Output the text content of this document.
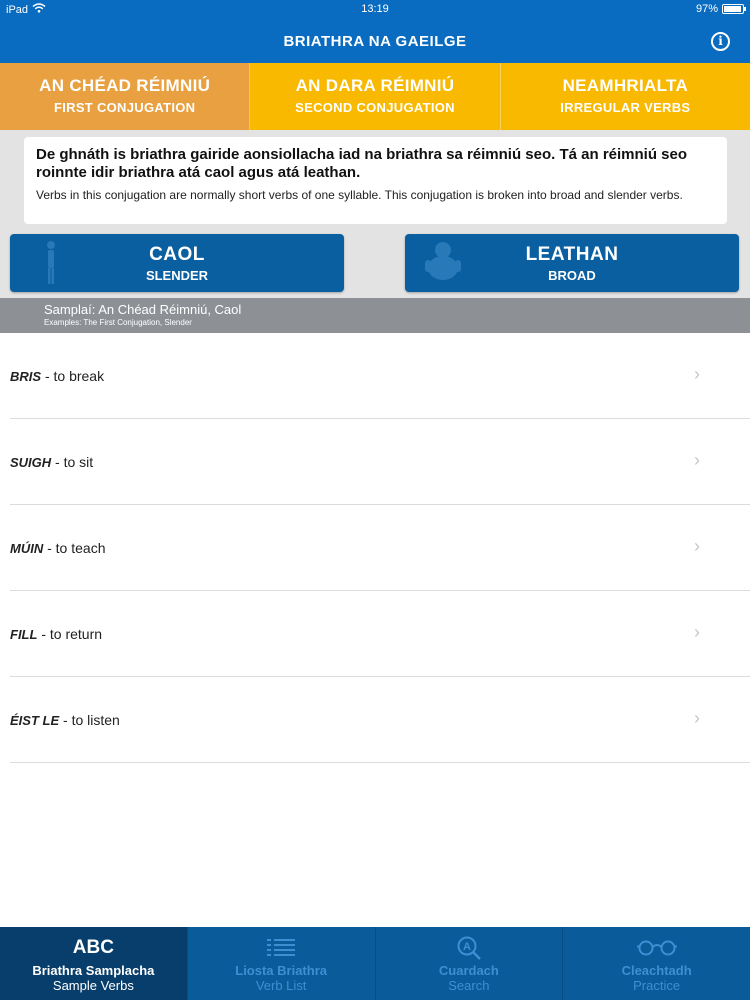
iPad	13:19	97%
BRIATHRA NA GAEILGE	i
AN CHÉAD RÉIMNIÚ
FIRST CONJUGATION
AN DARA RÉIMNIÚ
SECOND CONJUGATION
NEAMHRIALTA
IRREGULAR VERBS
De ghnáth is briathra gairide aonsiollacha iad na briathra sa réimniú seo. Tá an réimniú seo roinnte idir briathra atá caol agus atá leathan.
Verbs in this conjugation are normally short verbs of one syllable. This conjugation is broken into broad and slender verbs.
CAOL
SLENDER
LEATHAN
BROAD
Samplaí: An Chéad Réimniú, Caol
Examples: The First Conjugation, Slender
BRIS - to break	›
SUIGH - to sit	›
MÚIN - to teach	›
FILL - to return	›
ÉIST LE - to listen	›
ABC
Briathra Samplacha
Sample Verbs
Liosta Briathra
Verb List
A
Cuardach
Search
Cleachtadh
Practice
